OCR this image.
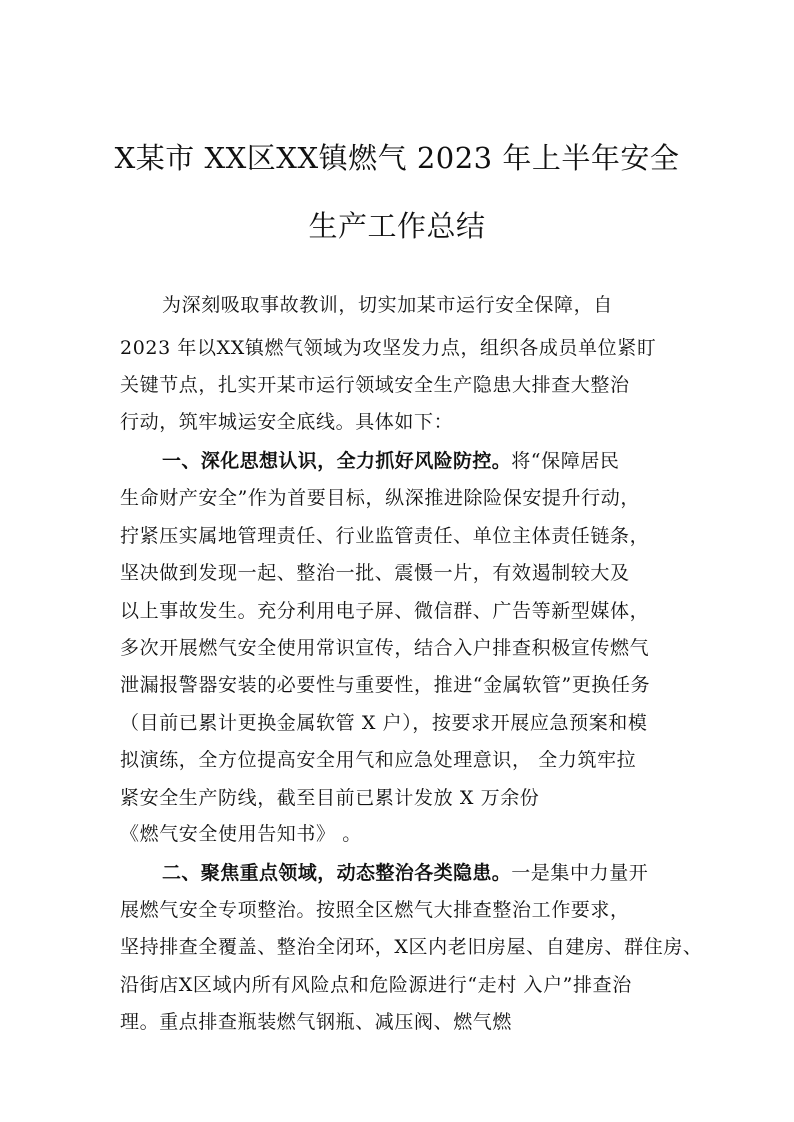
X某市 XX区XX镇燃气 2023 年上半年安全
生产工作总结
为深刻吸取事故教训，切实加某市运行安全保障，自
2023 年以XX镇燃气领域为攻坚发力点，组织各成员单位紧盯
关键节点，扎实开某市运行领域安全生产隐患大排查大整治
行动，筑牢城运安全底线。具体如下：
一、深化思想认识，全力抓好风险防控。将“保障居民
生命财产安全”作为首要目标，纵深推进除险保安提升行动，
拧紧压实属地管理责任、行业监管责任、单位主体责任链条，
坚决做到发现一起、整治一批、震慑一片，有效遏制较大及
以上事故发生。充分利用电子屏、微信群、广告等新型媒体，
多次开展燃气安全使用常识宣传，结合入户排查积极宣传燃气
泄漏报警器安装的必要性与重要性，推进“金属软管”更换任务
（目前已累计更换金属软管 X 户），按要求开展应急预案和模
拟演练，全方位提高安全用气和应急处理意识， 全力筑牢拉
紧安全生产防线，截至目前已累计发放 X 万余份
《燃气安全使用告知书》 。
二、聚焦重点领域，动态整治各类隐患。一是集中力量开
展燃气安全专项整治。按照全区燃气大排查整治工作要求，
坚持排查全覆盖、整治全闭环，X区内老旧房屋、自建房、群住房、
沿街店X区域内所有风险点和危险源进行“走村 入户”排查治
理。重点排查瓶装燃气钢瓶、减压阀、燃气燃
